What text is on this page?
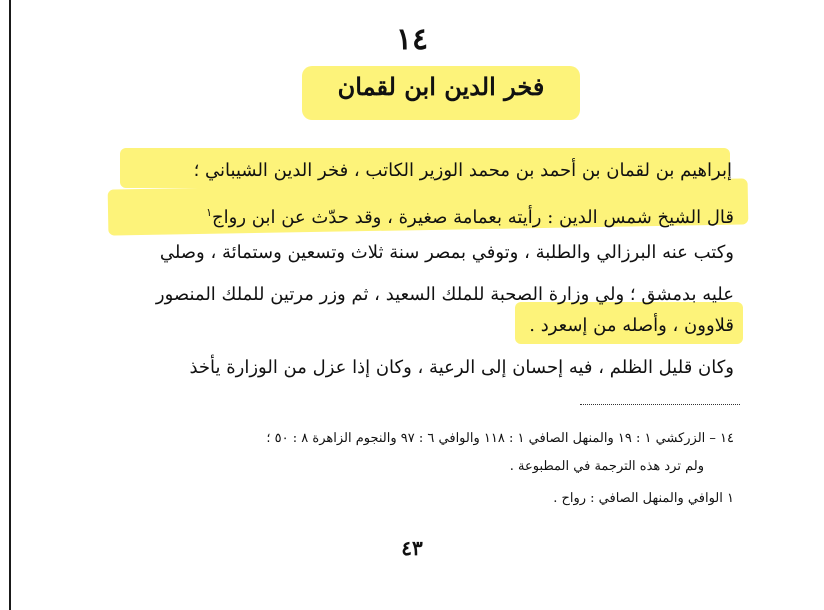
١٤
فخر الدين ابن لقمان
إبراهيم بن لقمان بن أحمد بن محمد الوزير الكاتب ، فخر الدين الشيباني ؛
قال الشيخ شمس الدين : رأيته بعمامة صغيرة ، وقد حدّث عن ابن رواج$^١$
وكتب عنه البرزالي والطلبة ، وتوفي بمصر سنة ثلاث وتسعين وستمائة ، وصلي
عليه بدمشق ؛ ولي وزارة الصحبة للملك السعيد ، ثم وزر مرتين للملك المنصور
قلاوون ، وأصله من إسعرد .
وكان قليل الظلم ، فيه إحسان إلى الرعية ، وكان إذا عزل من الوزارة يأخذ
١٤ – الزركشي ١ : ١٩ والمنهل الصافي ١ : ١١٨ والوافي ٦ : ٩٧ والنجوم الزاهرة ٨ : ٥٠ ؛
ولم ترد هذه الترجمة في المطبوعة .
١ الوافي والمنهل الصافي : رواح .
٤٣
